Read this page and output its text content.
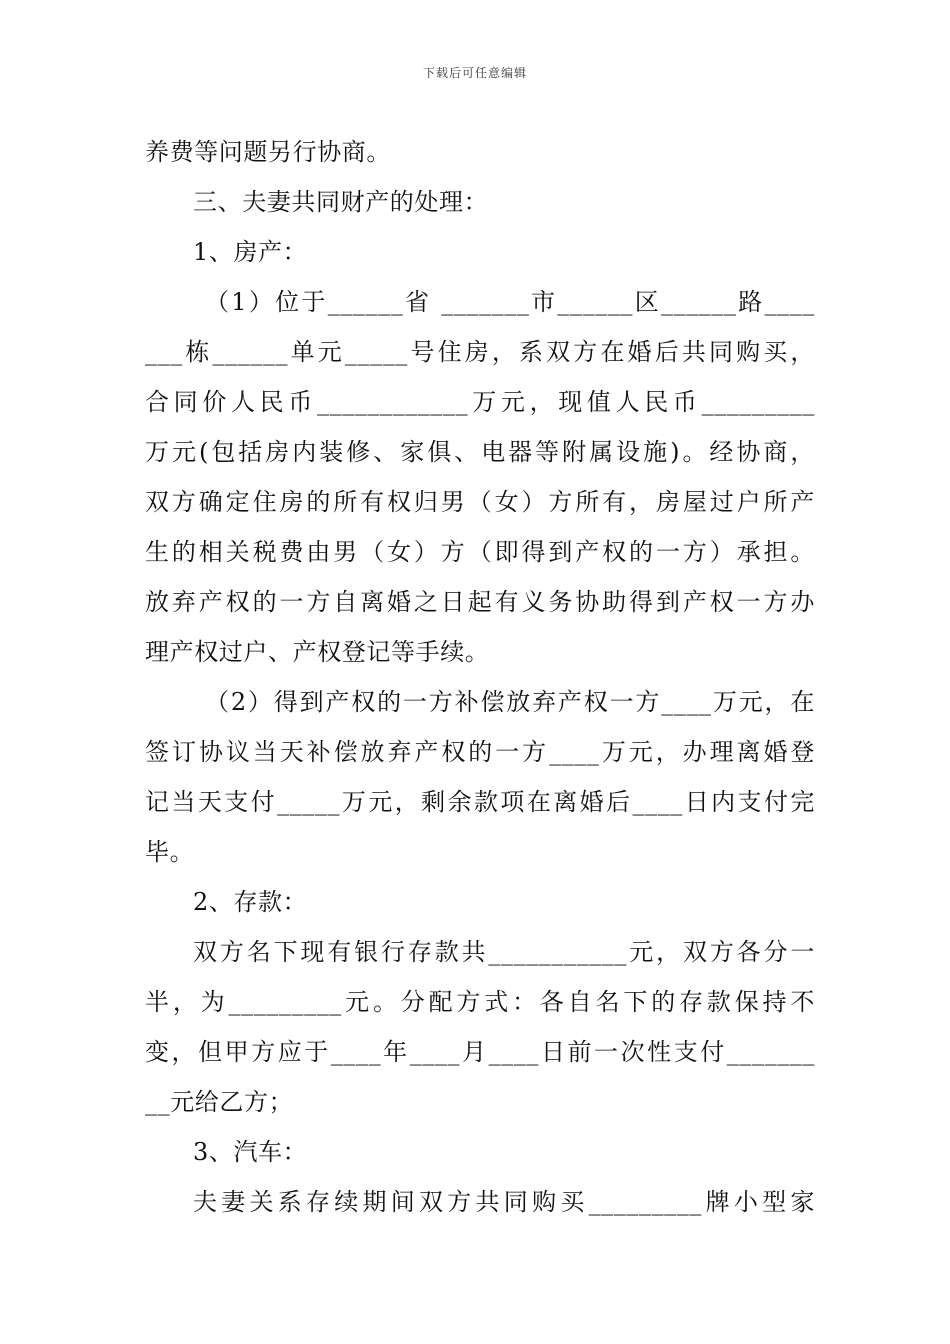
下载后可任意编辑
养费等问题另行协商。
三、夫妻共同财产的处理：
1、房产：
（1）位于______省 _______市______区______路____
___栋______单元_____号住房，系双方在婚后共同购买，
合同价人民币____________万元，现值人民币_________
万元(包括房内装修、家俱、电器等附属设施)。经协商，
双方确定住房的所有权归男（女）方所有，房屋过户所产
生的相关税费由男（女）方（即得到产权的一方）承担。
放弃产权的一方自离婚之日起有义务协助得到产权一方办
理产权过户、产权登记等手续。
（2）得到产权的一方补偿放弃产权一方____万元，在
签订协议当天补偿放弃产权的一方____万元，办理离婚登
记当天支付_____万元，剩余款项在离婚后____日内支付完
毕。
2、存款：
双方名下现有银行存款共___________元，双方各分一
半，为_________元。分配方式：各自名下的存款保持不
变，但甲方应于____年____月____日前一次性支付_______
__元给乙方；
3、汽车：
夫妻关系存续期间双方共同购买_________牌小型家
